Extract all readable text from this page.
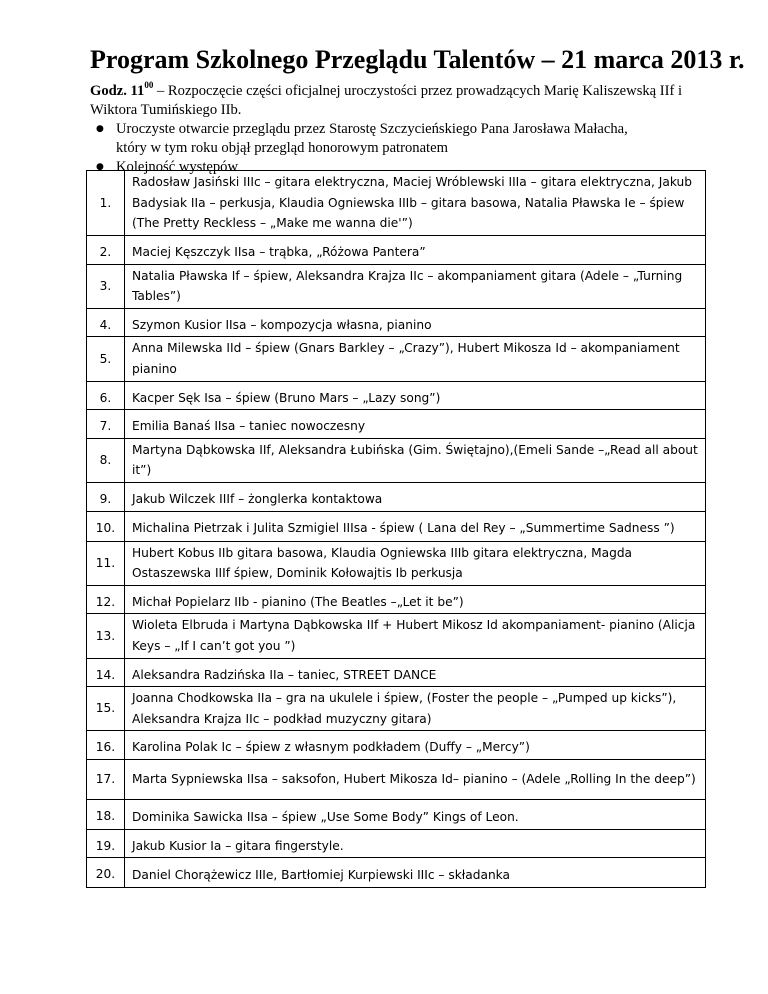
Program Szkolnego Przeglądu Talentów – 21 marca 2013 r.

Godz. $11^{00}$ – Rozpoczęcie części oficjalnej uroczystości przez prowadzących Marię Kaliszewską IIf i Wiktora Tumińskiego IIb.

● Uroczyste otwarcie przeglądu przez Starostę Szczycieńskiego Pana Jarosława Małacha,
który w tym roku objął przegląd honorowym patronatem
● Kolejność występów
1.	Radosław Jasiński IIIc – gitara elektryczna, Maciej Wróblewski IIIa – gitara elektryczna, Jakub Badysiak IIa – perkusja, Klaudia Ogniewska IIIb – gitara basowa, Natalia Pławska Ie – śpiew (The Pretty Reckless – „Make me wanna die'”)
2.	Maciej Kęszczyk IIsa – trąbka, „Różowa Pantera”
3.	Natalia Pławska If – śpiew, Aleksandra Krajza IIc – akompaniament gitara (Adele – „Turning Tables”)
4.	Szymon Kusior IIsa – kompozycja własna, pianino
5.	Anna Milewska IId – śpiew (Gnars Barkley – „Crazy”), Hubert Mikosza Id – akompaniament pianino
6.	Kacper Sęk Isa – śpiew (Bruno Mars – „Lazy song”)
7.	Emilia Banaś IIsa – taniec nowoczesny
8.	Martyna Dąbkowska IIf, Aleksandra Łubińska (Gim. Świętajno),(Emeli Sande –„Read all about it”)
9.	Jakub Wilczek IIIf – żonglerka kontaktowa
10.	Michalina Pietrzak i Julita Szmigiel IIIsa - śpiew ( Lana del Rey – „Summertime Sadness ”)
11.	Hubert Kobus IIb gitara basowa, Klaudia Ogniewska IIIb gitara elektryczna, Magda Ostaszewska IIIf śpiew, Dominik Kołowajtis Ib perkusja
12.	Michał Popielarz IIb - pianino (The Beatles –„Let it be”)
13.	Wioleta Elbruda i Martyna Dąbkowska IIf + Hubert Mikosz Id akompaniament- pianino (Alicja Keys – „If I can’t got you ”)
14.	Aleksandra Radzińska IIa – taniec, STREET DANCE
15.	Joanna Chodkowska IIa – gra na ukulele i śpiew, (Foster the people – „Pumped up kicks”), Aleksandra Krajza IIc – podkład muzyczny gitara)
16.	Karolina Polak Ic – śpiew z własnym podkładem (Duffy – „Mercy”)
17.	Marta Sypniewska IIsa – saksofon, Hubert Mikosza Id– pianino – (Adele „Rolling In the deep”)
18.	Dominika Sawicka IIsa – śpiew „Use Some Body” Kings of Leon.
19.	Jakub Kusior Ia – gitara fingerstyle.
20.	Daniel Chorążewicz IIIe, Bartłomiej Kurpiewski IIIc – składanka
